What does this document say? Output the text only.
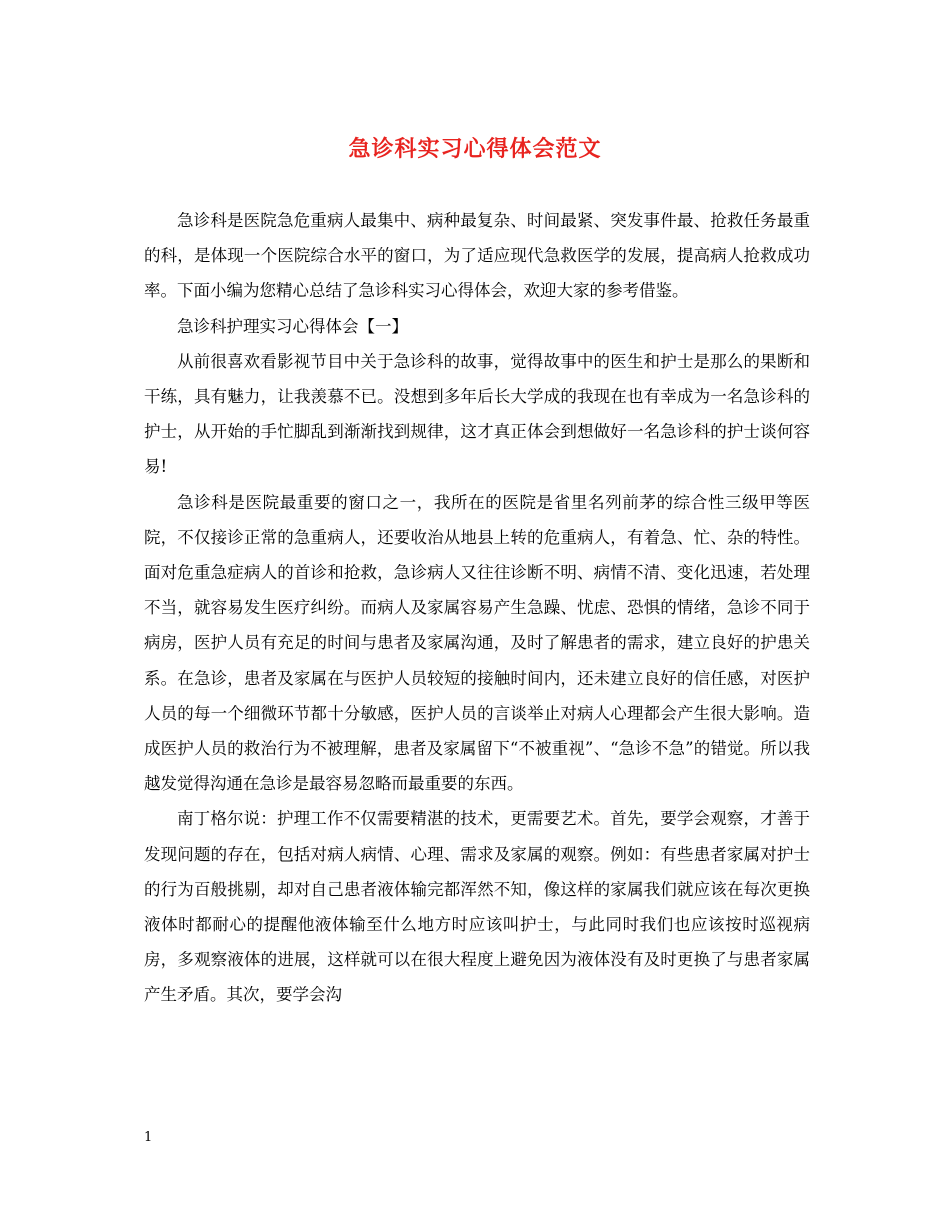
急诊科实习心得体会范文

急诊科是医院急危重病人最集中、病种最复杂、时间最紧、突发事件最、抢救任务最重的科，是体现一个医院综合水平的窗口，为了适应现代急救医学的发展，提高病人抢救成功率。下面小编为您精心总结了急诊科实习心得体会，欢迎大家的参考借鉴。

急诊科护理实习心得体会【一】

从前很喜欢看影视节目中关于急诊科的故事，觉得故事中的医生和护士是那么的果断和干练，具有魅力，让我羡慕不已。没想到多年后长大学成的我现在也有幸成为一名急诊科的护士，从开始的手忙脚乱到渐渐找到规律，这才真正体会到想做好一名急诊科的护士谈何容易!

急诊科是医院最重要的窗口之一，我所在的医院是省里名列前茅的综合性三级甲等医院，不仅接诊正常的急重病人，还要收治从地县上转的危重病人，有着急、忙、杂的特性。面对危重急症病人的首诊和抢救，急诊病人又往往诊断不明、病情不清、变化迅速，若处理不当，就容易发生医疗纠纷。而病人及家属容易产生急躁、忧虑、恐惧的情绪，急诊不同于病房，医护人员有充足的时间与患者及家属沟通，及时了解患者的需求，建立良好的护患关系。在急诊，患者及家属在与医护人员较短的接触时间内，还未建立良好的信任感，对医护人员的每一个细微环节都十分敏感，医护人员的言谈举止对病人心理都会产生很大影响。造成医护人员的救治行为不被理解，患者及家属留下“不被重视”、“急诊不急”的错觉。所以我越发觉得沟通在急诊是最容易忽略而最重要的东西。

南丁格尔说：护理工作不仅需要精湛的技术，更需要艺术。首先，要学会观察，才善于发现问题的存在，包括对病人病情、心理、需求及家属的观察。例如：有些患者家属对护士的行为百般挑剔，却对自己患者液体输完都浑然不知，像这样的家属我们就应该在每次更换液体时都耐心的提醒他液体输至什么地方时应该叫护士，与此同时我们也应该按时巡视病房，多观察液体的进展，这样就可以在很大程度上避免因为液体没有及时更换了与患者家属产生矛盾。其次，要学会沟

1
